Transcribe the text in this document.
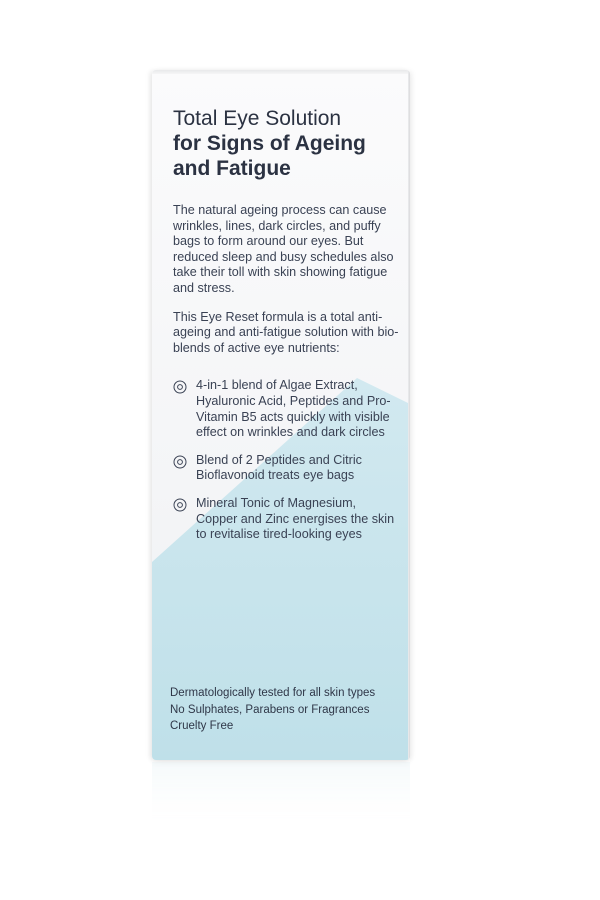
Total Eye Solution

for Signs of Ageing

and Fatigue

The natural ageing process can cause wrinkles, lines, dark circles, and puffy bags to form around our eyes. But reduced sleep and busy schedules also take their toll with skin showing fatigue and stress.

This Eye Reset formula is a total anti-ageing and anti-fatigue solution with bio-blends of active eye nutrients:

4-in-1 blend of Algae Extract, Hyaluronic Acid, Peptides and Pro-Vitamin B5 acts quickly with visible effect on wrinkles and dark circles
Blend of 2 Peptides and Citric Bioflavonoid treats eye bags
Mineral Tonic of Magnesium, Copper and Zinc energises the skin to revitalise tired-looking eyes
Dermatologically tested for all skin types
No Sulphates, Parabens or Fragrances
Cruelty Free
